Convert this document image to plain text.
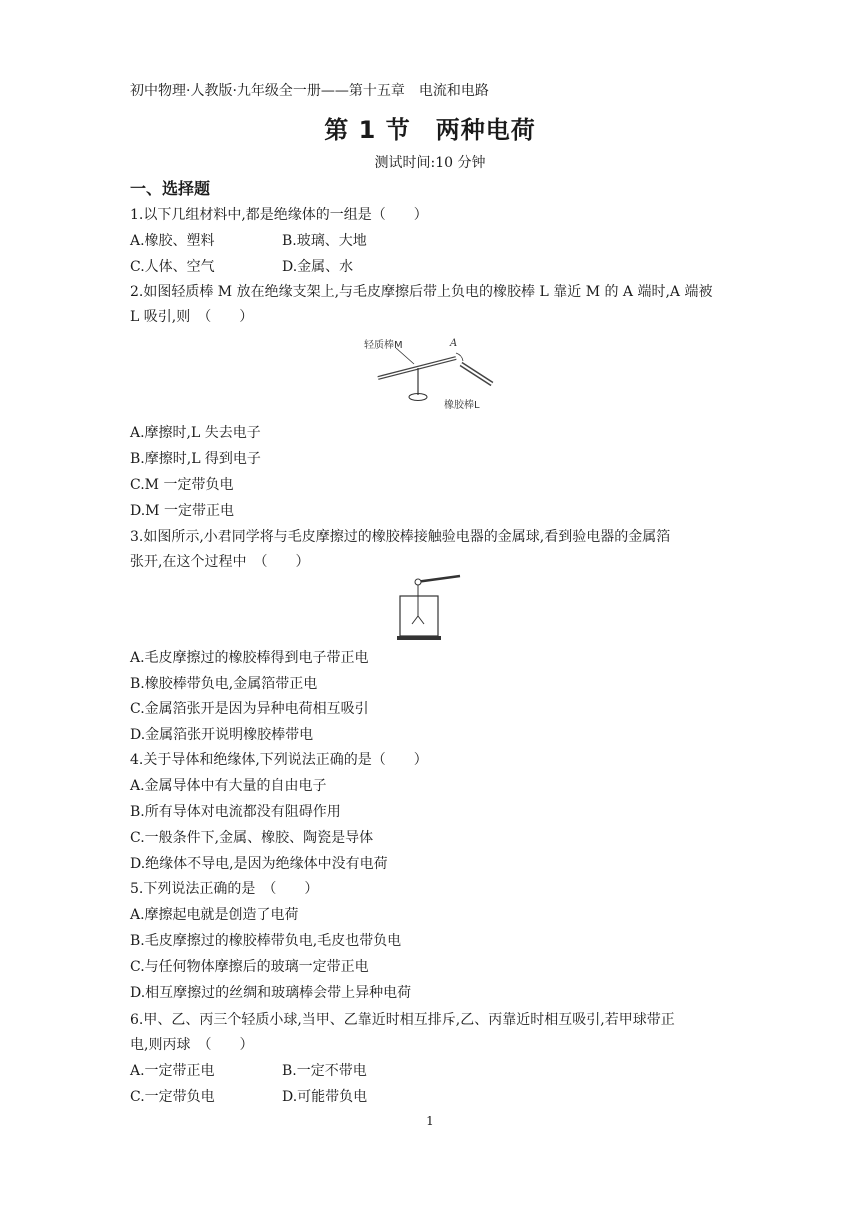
初中物理·人教版·九年级全一册——第十五章　电流和电路
第 1 节　两种电荷
测试时间:10 分钟
一、选择题
1.以下几组材料中,都是绝缘体的一组是（　　）
A.橡胶、塑料	B.玻璃、大地
C.人体、空气	D.金属、水
2.如图轻质棒 M 放在绝缘支架上,与毛皮摩擦后带上负电的橡胶棒 L 靠近 M 的 A 端时,A 端被
L 吸引,则　（　　）
轻质棒M	A
橡胶棒L
A.摩擦时,L 失去电子
B.摩擦时,L 得到电子
C.M 一定带负电
D.M 一定带正电
3.如图所示,小君同学将与毛皮摩擦过的橡胶棒接触验电器的金属球,看到验电器的金属箔
张开,在这个过程中　（　　）
A.毛皮摩擦过的橡胶棒得到电子带正电
B.橡胶棒带负电,金属箔带正电
C.金属箔张开是因为异种电荷相互吸引
D.金属箔张开说明橡胶棒带电
4.关于导体和绝缘体,下列说法正确的是（　　）
A.金属导体中有大量的自由电子
B.所有导体对电流都没有阻碍作用
C.一般条件下,金属、橡胶、陶瓷是导体
D.绝缘体不导电,是因为绝缘体中没有电荷
5.下列说法正确的是　（　　）
A.摩擦起电就是创造了电荷
B.毛皮摩擦过的橡胶棒带负电,毛皮也带负电
C.与任何物体摩擦后的玻璃一定带正电
D.相互摩擦过的丝绸和玻璃棒会带上异种电荷
6.甲、乙、丙三个轻质小球,当甲、乙靠近时相互排斥,乙、丙靠近时相互吸引,若甲球带正
电,则丙球　（　　）
A.一定带正电	B.一定不带电
C.一定带负电	D.可能带负电
1
